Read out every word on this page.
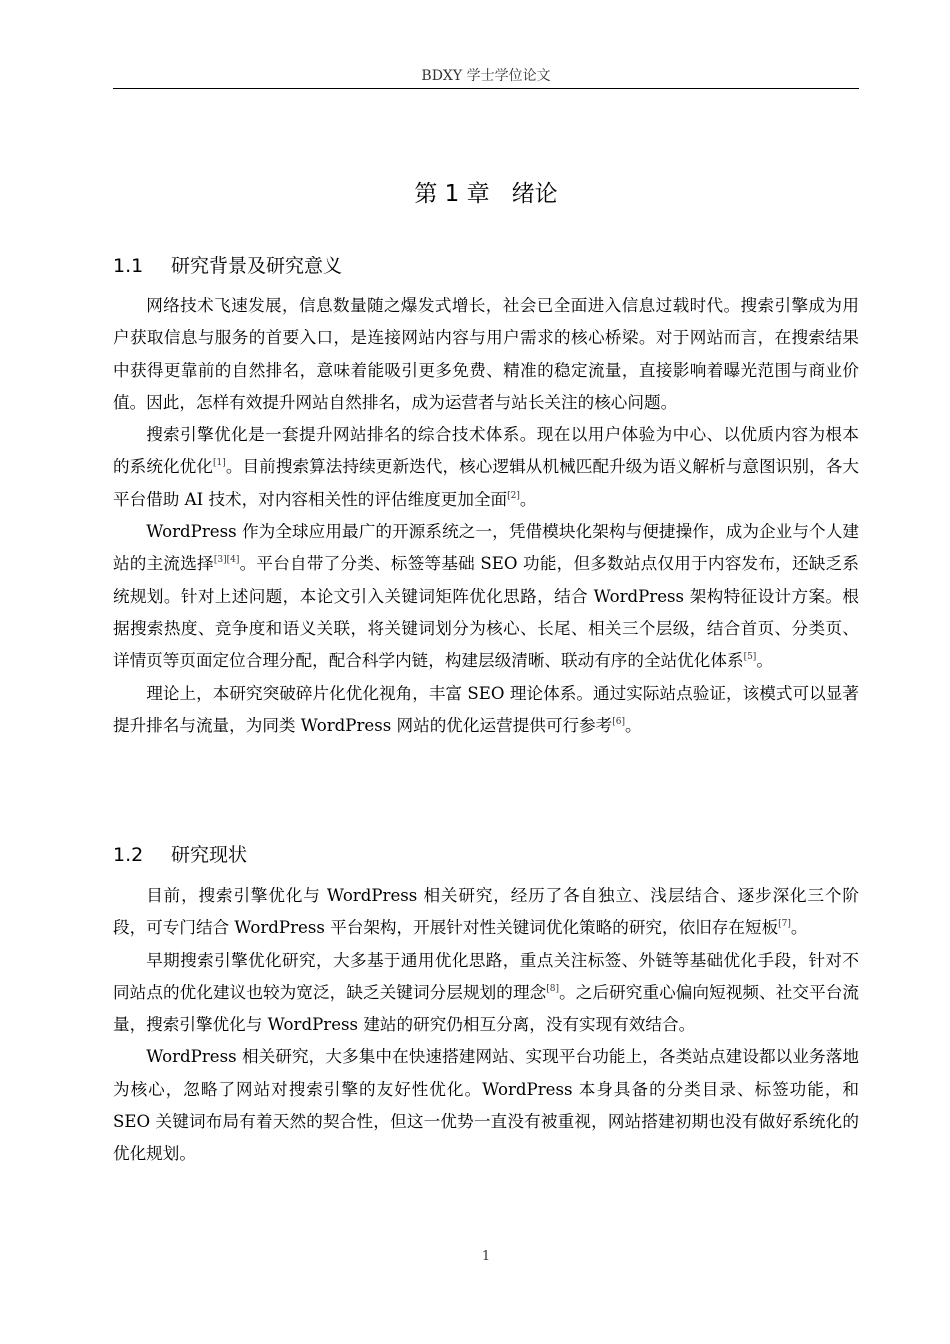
BDXY 学士学位论文
第 1 章 绪论
1.1 研究背景及研究意义

网络技术飞速发展，信息数量随之爆发式增长，社会已全面进入信息过载时代。搜索引擎成为用户获取信息与服务的首要入口，是连接网站内容与用户需求的核心桥梁。对于网站而言，在搜索结果中获得更靠前的自然排名，意味着能吸引更多免费、精准的稳定流量，直接影响着曝光范围与商业价值。因此，怎样有效提升网站自然排名，成为运营者与站长关注的核心问题。

搜索引擎优化是一套提升网站排名的综合技术体系。现在以用户体验为中心、以优质内容为根本的系统化优化[1]。目前搜索算法持续更新迭代，核心逻辑从机械匹配升级为语义解析与意图识别，各大平台借助 AI 技术，对内容相关性的评估维度更加全面[2]。

WordPress 作为全球应用最广的开源系统之一，凭借模块化架构与便捷操作，成为企业与个人建站的主流选择[3][4]。平台自带了分类、标签等基础 SEO 功能，但多数站点仅用于内容发布，还缺乏系统规划。针对上述问题，本论文引入关键词矩阵优化思路，结合 WordPress 架构特征设计方案。根据搜索热度、竞争度和语义关联，将关键词划分为核心、长尾、相关三个层级，结合首页、分类页、详情页等页面定位合理分配，配合科学内链，构建层级清晰、联动有序的全站优化体系[5]。

理论上，本研究突破碎片化优化视角，丰富 SEO 理论体系。通过实际站点验证，该模式可以显著提升排名与流量，为同类 WordPress 网站的优化运营提供可行参考[6]。

1.2 研究现状

目前，搜索引擎优化与 WordPress 相关研究，经历了各自独立、浅层结合、逐步深化三个阶段，可专门结合 WordPress 平台架构，开展针对性关键词优化策略的研究，依旧存在短板[7]。

早期搜索引擎优化研究，大多基于通用优化思路，重点关注标签、外链等基础优化手段，针对不同站点的优化建议也较为宽泛，缺乏关键词分层规划的理念[8]。之后研究重心偏向短视频、社交平台流量，搜索引擎优化与 WordPress 建站的研究仍相互分离，没有实现有效结合。

WordPress 相关研究，大多集中在快速搭建网站、实现平台功能上，各类站点建设都以业务落地为核心，忽略了网站对搜索引擎的友好性优化。WordPress 本身具备的分类目录、标签功能，和 SEO 关键词布局有着天然的契合性，但这一优势一直没有被重视，网站搭建初期也没有做好系统化的优化规划。

1
